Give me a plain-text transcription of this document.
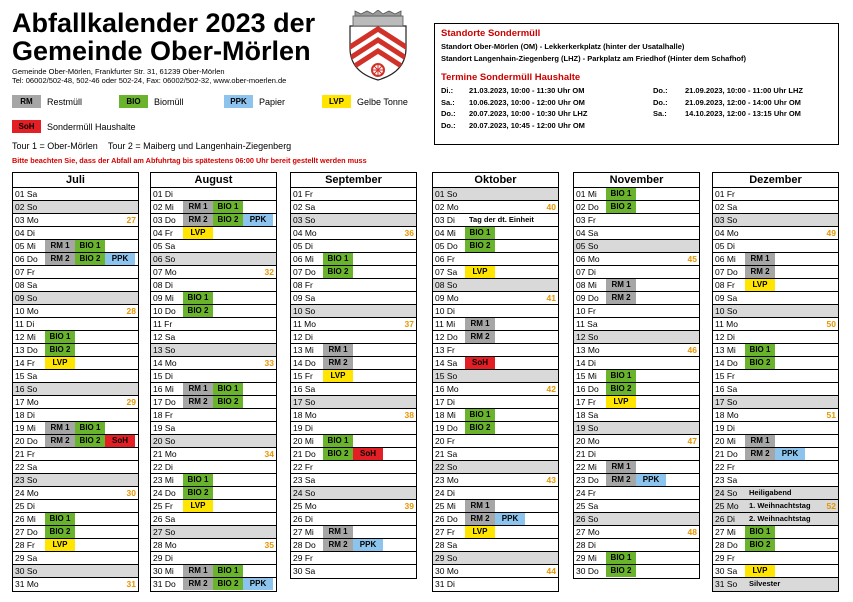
Abfallkalender 2023 der
Gemeinde Ober-Mörlen
Gemeinde Ober-Mörlen, Frankfurter Str. 31, 61239 Ober-Mörlen
Tel: 06002/502-48, 502-46 oder 502-24, Fax: 06002/502-32, www.ober-moerlen.de
RM	Restmüll	BIO	Biomüll	PPK	Papier	LVP	Gelbe Tonne
SoH	Sondermüll Haushalte
Tour 1 = Ober-Mörlen Tour 2 = Maiberg und Langenhain-Ziegenberg
Bitte beachten Sie, dass der Abfall am Abfuhrtag bis spätestens 06:00 Uhr bereit gestellt werden muss
Standorte Sondermüll
Standort Ober-Mörlen (OM) - Lekkerkerkplatz (hinter der Usatalhalle)
Standort Langenhain-Ziegenberg (LHZ) - Parkplatz am Friedhof (Hinter dem Schafhof)
Termine Sondermüll Haushalte
Di.: 21.03.2023, 10:00 - 11:30 Uhr OM
Sa.: 10.06.2023, 10:00 - 12:00 Uhr OM
Do.: 20.07.2023, 10:00 - 10:30 Uhr LHZ
Do.: 20.07.2023, 10:45 - 12:00 Uhr OM
Do.: 21.09.2023, 10:00 - 11:00 Uhr LHZ
Do.: 21.09.2023, 12:00 - 14:00 Uhr OM
Sa.: 14.10.2023, 12:00 - 13:15 Uhr OM
Juli
01 Sa
02 So
03 Mo	27
04 Di
05 Mi	RM 1	BIO 1
06 Do	RM 2	BIO 2	PPK
07 Fr
08 Sa
09 So
10 Mo	28
11 Di
12 Mi	BIO 1
13 Do	BIO 2
14 Fr	LVP
15 Sa
16 So
17 Mo	29
18 Di
19 Mi	RM 1	BIO 1
20 Do	RM 2	BIO 2	SoH
21 Fr
22 Sa
23 So
24 Mo	30
25 Di
26 Mi	BIO 1
27 Do	BIO 2
28 Fr	LVP
29 Sa
30 So
31 Mo	31
August
01 Di
02 Mi	RM 1	BIO 1
03 Do	RM 2	BIO 2	PPK
04 Fr	LVP
05 Sa
06 So
07 Mo	32
08 Di
09 Mi	BIO 1
10 Do	BIO 2
11 Fr
12 Sa
13 So
14 Mo	33
15 Di
16 Mi	RM 1	BIO 1
17 Do	RM 2	BIO 2
18 Fr
19 Sa
20 So
21 Mo	34
22 Di
23 Mi	BIO 1
24 Do	BIO 2
25 Fr	LVP
26 Sa
27 So
28 Mo	35
29 Di
30 Mi	RM 1	BIO 1
31 Do	RM 2	BIO 2	PPK
September
01 Fr
02 Sa
03 So
04 Mo	36
05 Di
06 Mi	BIO 1
07 Do	BIO 2
08 Fr
09 Sa
10 So
11 Mo	37
12 Di
13 Mi	RM 1
14 Do	RM 2
15 Fr	LVP
16 Sa
17 So
18 Mo	38
19 Di
20 Mi	BIO 1
21 Do	BIO 2	SoH
22 Fr
23 Sa
24 So
25 Mo	39
26 Di
27 Mi	RM 1
28 Do	RM 2	PPK
29 Fr
30 Sa
Oktober
01 So
02 Mo	40
03 Di Tag der dt. Einheit
04 Mi	BIO 1
05 Do	BIO 2
06 Fr
07 Sa	LVP
08 So
09 Mo	41
10 Di
11 Mi	RM 1
12 Do	RM 2
13 Fr
14 Sa	SoH
15 So
16 Mo	42
17 Di
18 Mi	BIO 1
19 Do	BIO 2
20 Fr
21 Sa
22 So
23 Mo	43
24 Di
25 Mi	RM 1
26 Do	RM 2	PPK
27 Fr	LVP
28 Sa
29 So
30 Mo	44
31 Di
November
01 Mi	BIO 1
02 Do	BIO 2
03 Fr
04 Sa
05 So
06 Mo	45
07 Di
08 Mi	RM 1
09 Do	RM 2
10 Fr
11 Sa
12 So
13 Mo	46
14 Di
15 Mi	BIO 1
16 Do	BIO 2
17 Fr	LVP
18 Sa
19 So
20 Mo	47
21 Di
22 Mi	RM 1
23 Do	RM 2	PPK
24 Fr
25 Sa
26 So
27 Mo	48
28 Di
29 Mi	BIO 1
30 Do	BIO 2
Dezember
01 Fr
02 Sa
03 So
04 Mo	49
05 Di
06 Mi	RM 1
07 Do	RM 2
08 Fr	LVP
09 Sa
10 So
11 Mo	50
12 Di
13 Mi	BIO 1
14 Do	BIO 2
15 Fr
16 Sa
17 So
18 Mo	51
19 Di
20 Mi	RM 1
21 Do	RM 2	PPK
22 Fr
23 Sa
24 So Heiligabend
25 Mo 1. Weihnachtstag 52
26 Di 2. Weihnachtstag
27 Mi	BIO 1
28 Do	BIO 2
29 Fr
30 Sa	LVP
31 So Silvester
